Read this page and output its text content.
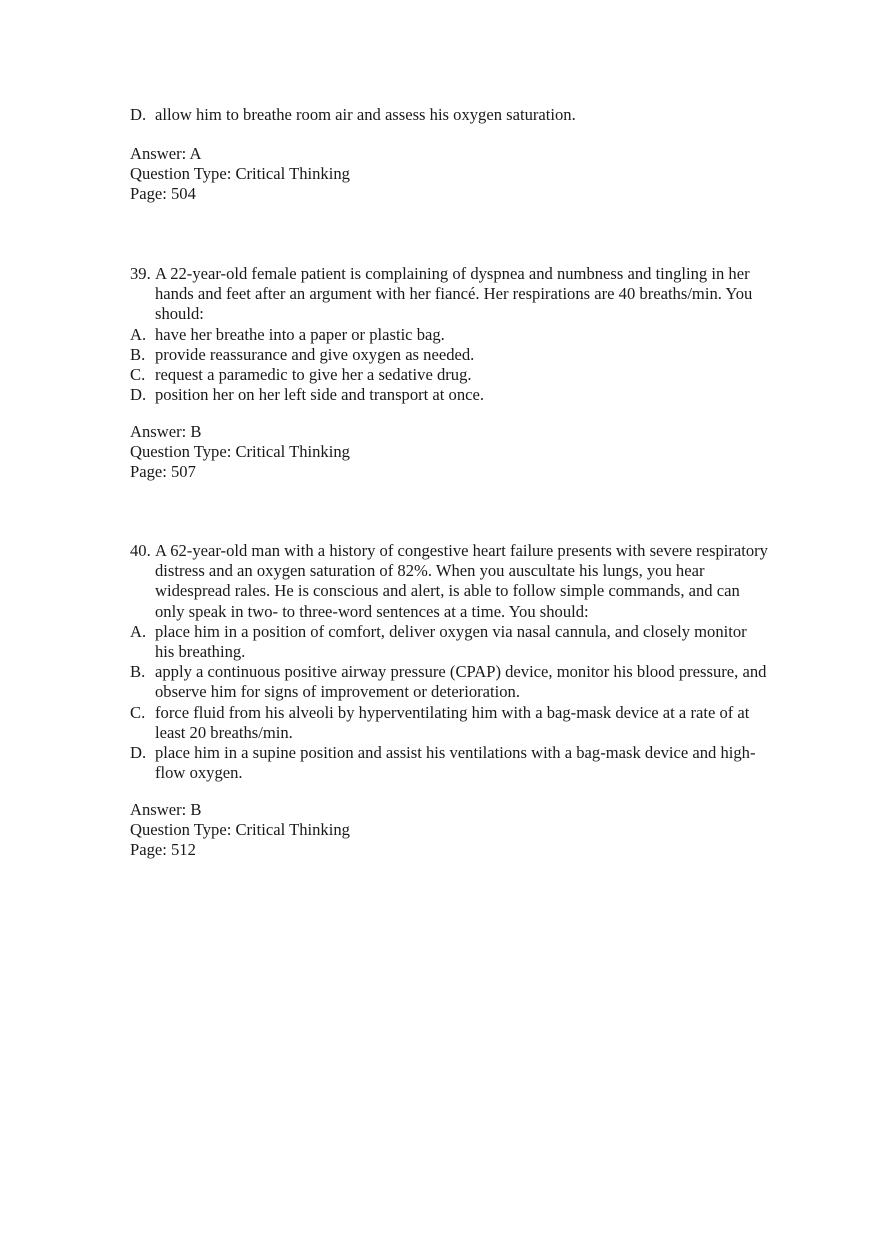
D. allow him to breathe room air and assess his oxygen saturation.

Answer: A

Question Type: Critical Thinking

Page: 504

39. A 22-year-old female patient is complaining of dyspnea and numbness and tingling in her hands and feet after an argument with her fiancé. Her respirations are 40 breaths/min. You should:
A. have her breathe into a paper or plastic bag.
B. provide reassurance and give oxygen as needed.
C. request a paramedic to give her a sedative drug.
D. position her on her left side and transport at once.

Answer: B

Question Type: Critical Thinking

Page: 507

40. A 62-year-old man with a history of congestive heart failure presents with severe respiratory distress and an oxygen saturation of 82%. When you auscultate his lungs, you hear widespread rales. He is conscious and alert, is able to follow simple commands, and can only speak in two- to three-word sentences at a time. You should:
A. place him in a position of comfort, deliver oxygen via nasal cannula, and closely monitor his breathing.
B. apply a continuous positive airway pressure (CPAP) device, monitor his blood pressure, and observe him for signs of improvement or deterioration.
C. force fluid from his alveoli by hyperventilating him with a bag-mask device at a rate of at least 20 breaths/min.
D. place him in a supine position and assist his ventilations with a bag-mask device and high-flow oxygen.

Answer: B

Question Type: Critical Thinking

Page: 512
